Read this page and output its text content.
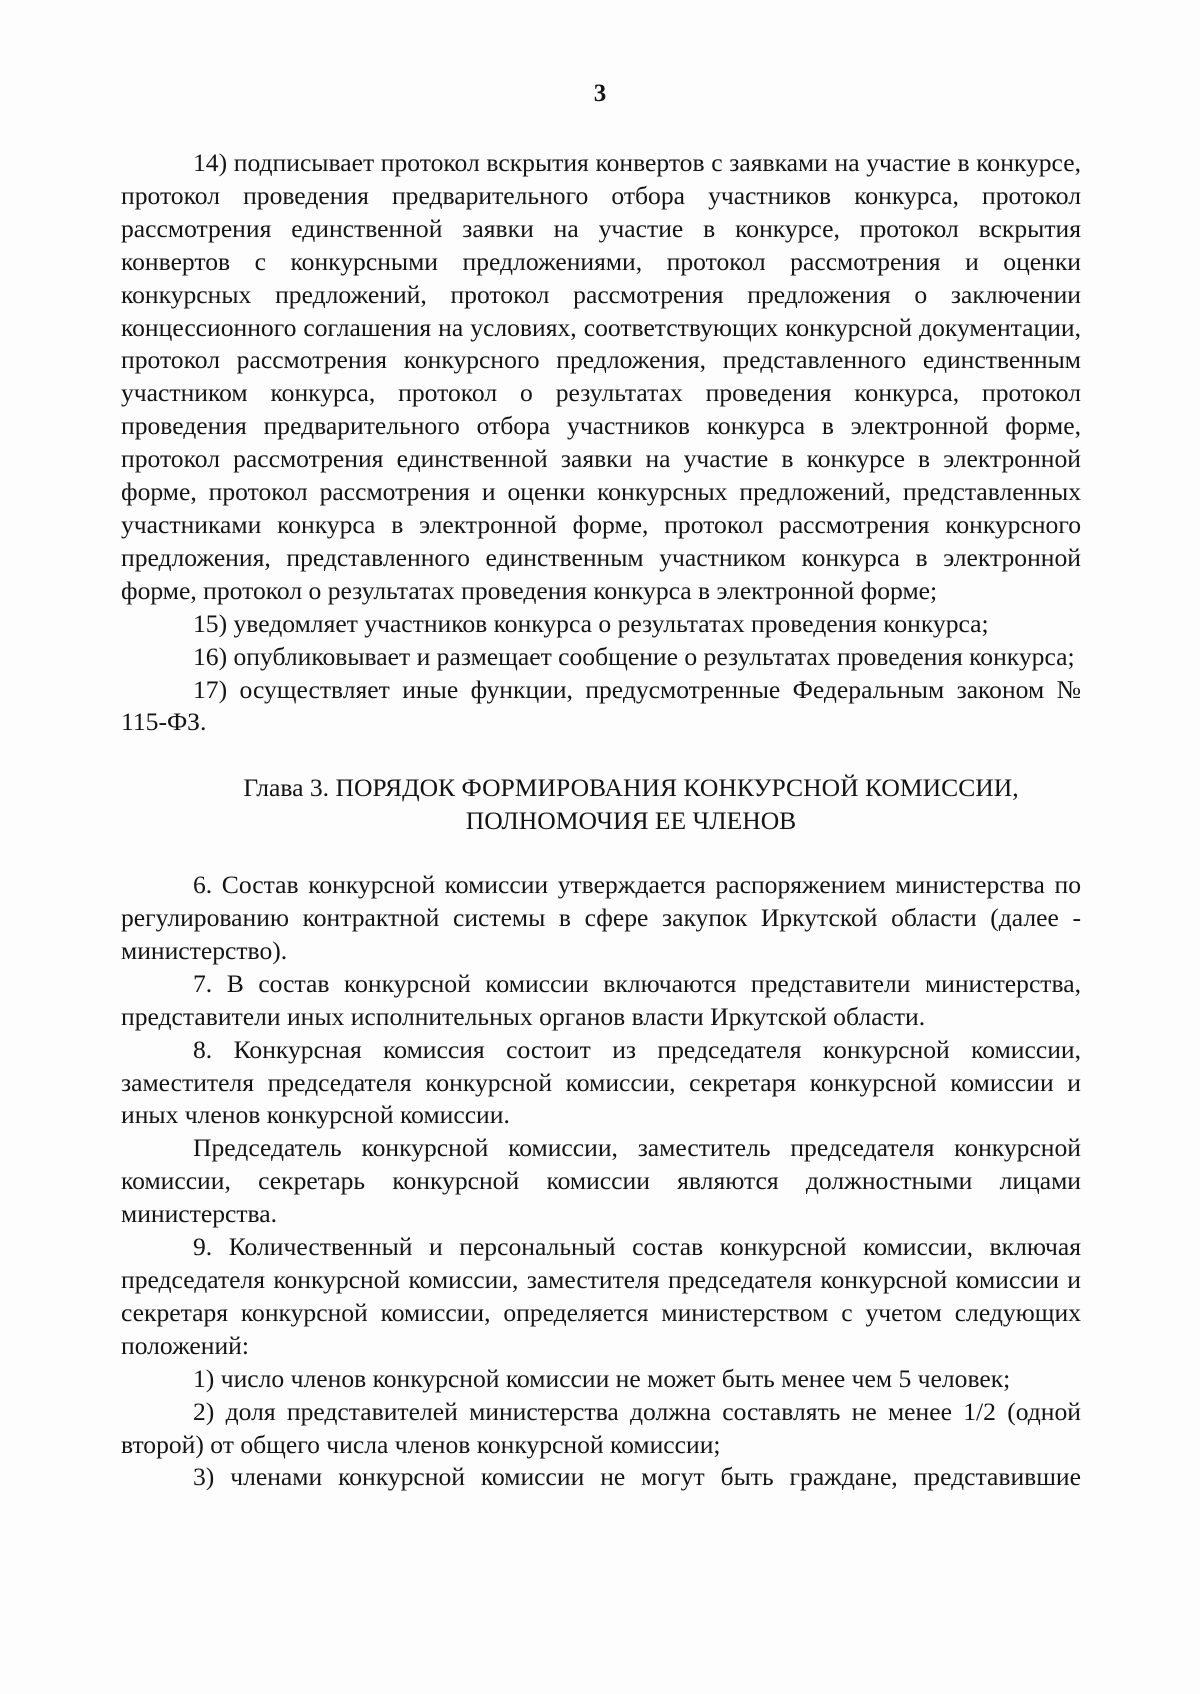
3

14) подписывает протокол вскрытия конвертов с заявками на участие в конкурсе, протокол проведения предварительного отбора участников конкурса, протокол рассмотрения единственной заявки на участие в конкурсе, протокол вскрытия конвертов с конкурсными предложениями, протокол рассмотрения и оценки конкурсных предложений, протокол рассмотрения предложения о заключении концессионного соглашения на условиях, соответствующих конкурсной документации, протокол рассмотрения конкурсного предложения, представленного единственным участником конкурса, протокол о результатах проведения конкурса, протокол проведения предварительного отбора участников конкурса в электронной форме, протокол рассмотрения единственной заявки на участие в конкурсе в электронной форме, протокол рассмотрения и оценки конкурсных предложений, представленных участниками конкурса в электронной форме, протокол рассмотрения конкурсного предложения, представленного единственным участником конкурса в электронной форме, протокол о результатах проведения конкурса в электронной форме;

15) уведомляет участников конкурса о результатах проведения конкурса;

16) опубликовывает и размещает сообщение о результатах проведения конкурса;

17) осуществляет иные функции, предусмотренные Федеральным законом № 115-ФЗ.

Глава 3. ПОРЯДОК ФОРМИРОВАНИЯ КОНКУРСНОЙ КОМИССИИ,
ПОЛНОМОЧИЯ ЕЕ ЧЛЕНОВ

6. Состав конкурсной комиссии утверждается распоряжением министерства по регулированию контрактной системы в сфере закупок Иркутской области (далее - министерство).

7. В состав конкурсной комиссии включаются представители министерства, представители иных исполнительных органов власти Иркутской области.

8. Конкурсная комиссия состоит из председателя конкурсной комиссии, заместителя председателя конкурсной комиссии, секретаря конкурсной комиссии и иных членов конкурсной комиссии.

Председатель конкурсной комиссии, заместитель председателя конкурсной комиссии, секретарь конкурсной комиссии являются должностными лицами министерства.

9. Количественный и персональный состав конкурсной комиссии, включая председателя конкурсной комиссии, заместителя председателя конкурсной комиссии и секретаря конкурсной комиссии, определяется министерством с учетом следующих положений:

1) число членов конкурсной комиссии не может быть менее чем 5 человек;

2) доля представителей министерства должна составлять не менее 1/2 (одной второй) от общего числа членов конкурсной комиссии;

3) членами конкурсной комиссии не могут быть граждане, представившие
